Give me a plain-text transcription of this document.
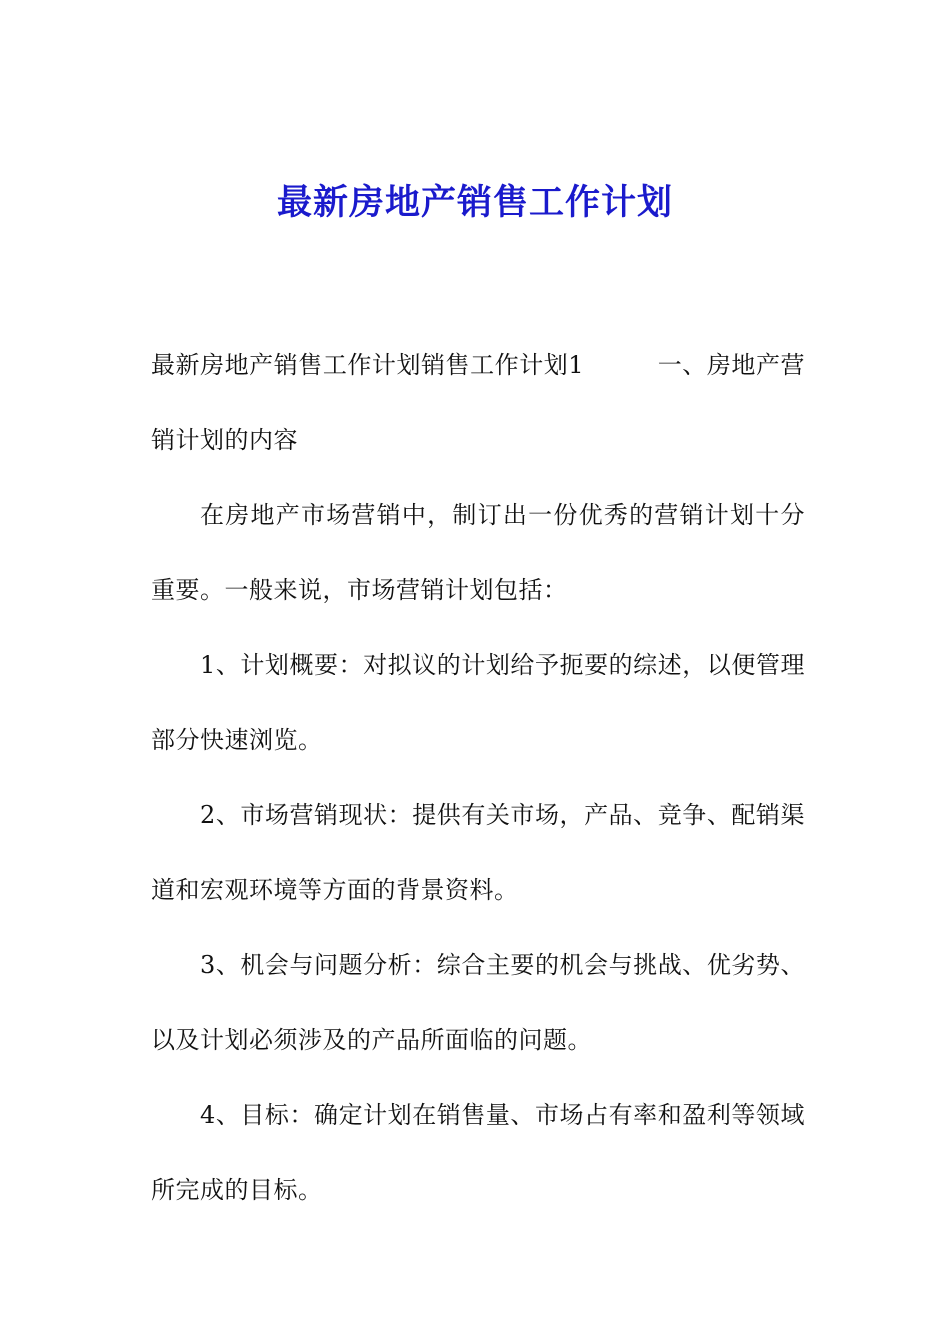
最新房地产销售工作计划

最新房地产销售工作计划销售工作计划1　　　一、房地产营销计划的内容

在房地产市场营销中，制订出一份优秀的营销计划十分重要。一般来说，市场营销计划包括：

1、计划概要：对拟议的计划给予扼要的综述，以便管理部分快速浏览。

2、市场营销现状：提供有关市场，产品、竞争、配销渠道和宏观环境等方面的背景资料。

3、机会与问题分析：综合主要的机会与挑战、优劣势、以及计划必须涉及的产品所面临的问题。

4、目标：确定计划在销售量、市场占有率和盈利等领域所完成的目标。
